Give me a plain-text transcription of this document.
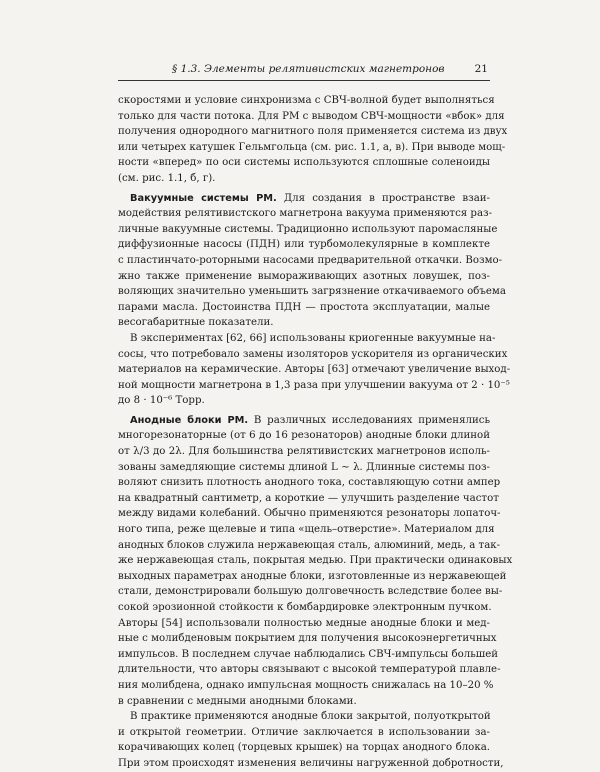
§ 1.3. Элементы релятивистских магнетронов	21
скоростями и условие синхронизма с СВЧ-волной будет выполняться
только для части потока. Для РМ с выводом СВЧ-мощности «вбок» для
получения однородного магнитного поля применяется система из двух
или четырех катушек Гельмгольца (см. рис. 1.1, а, в). При выводе мощ-
ности «вперед» по оси системы используются сплошные соленоиды
(см. рис. 1.1, б, г).
Вакуумные системы РМ. Для создания в пространстве взаи-
модействия релятивистского магнетрона вакуума применяются раз-
личные вакуумные системы. Традиционно используют паромасляные
диффузионные насосы (ПДН) или турбомолекулярные в комплекте
с пластинчато-роторными насосами предварительной откачки. Возмо-
жно также применение вымораживающих азотных ловушек, поз-
воляющих значительно уменьшить загрязнение откачиваемого объема
парами масла. Достоинства ПДН — простота эксплуатации, малые
весогабаритные показатели.
В экспериментах [62, 66] использованы криогенные вакуумные на-
сосы, что потребовало замены изоляторов ускорителя из органических
материалов на керамические. Авторы [63] отмечают увеличение выход-
ной мощности магнетрона в 1,3 раза при улучшении вакуума от 2 · 10⁻⁵
до 8 · 10⁻⁶ Торр.
Анодные блоки РМ. В различных исследованиях применялись
многорезонаторные (от 6 до 16 резонаторов) анодные блоки длиной
от λ/3 до 2λ. Для большинства релятивистских магнетронов исполь-
зованы замедляющие системы длиной L ∼ λ. Длинные системы поз-
воляют снизить плотность анодного тока, составляющую сотни ампер
на квадратный сантиметр, а короткие — улучшить разделение частот
между видами колебаний. Обычно применяются резонаторы лопаточ-
ного типа, реже щелевые и типа «щель–отверстие». Материалом для
анодных блоков служила нержавеющая сталь, алюминий, медь, а так-
же нержавеющая сталь, покрытая медью. При практически одинаковых
выходных параметрах анодные блоки, изготовленные из нержавеющей
стали, демонстрировали большую долговечность вследствие более вы-
сокой эрозионной стойкости к бомбардировке электронным пучком.
Авторы [54] использовали полностью медные анодные блоки и мед-
ные с молибденовым покрытием для получения высокоэнергетичных
импульсов. В последнем случае наблюдались СВЧ-импульсы большей
длительности, что авторы связывают с высокой температурой плавле-
ния молибдена, однако импульсная мощность снижалась на 10–20 %
в сравнении с медными анодными блоками.
В практике применяются анодные блоки закрытой, полуоткрытой
и открытой геометрии. Отличие заключается в использовании за-
корачивающих колец (торцевых крышек) на торцах анодного блока.
При этом происходят изменения величины нагруженной добротности,
